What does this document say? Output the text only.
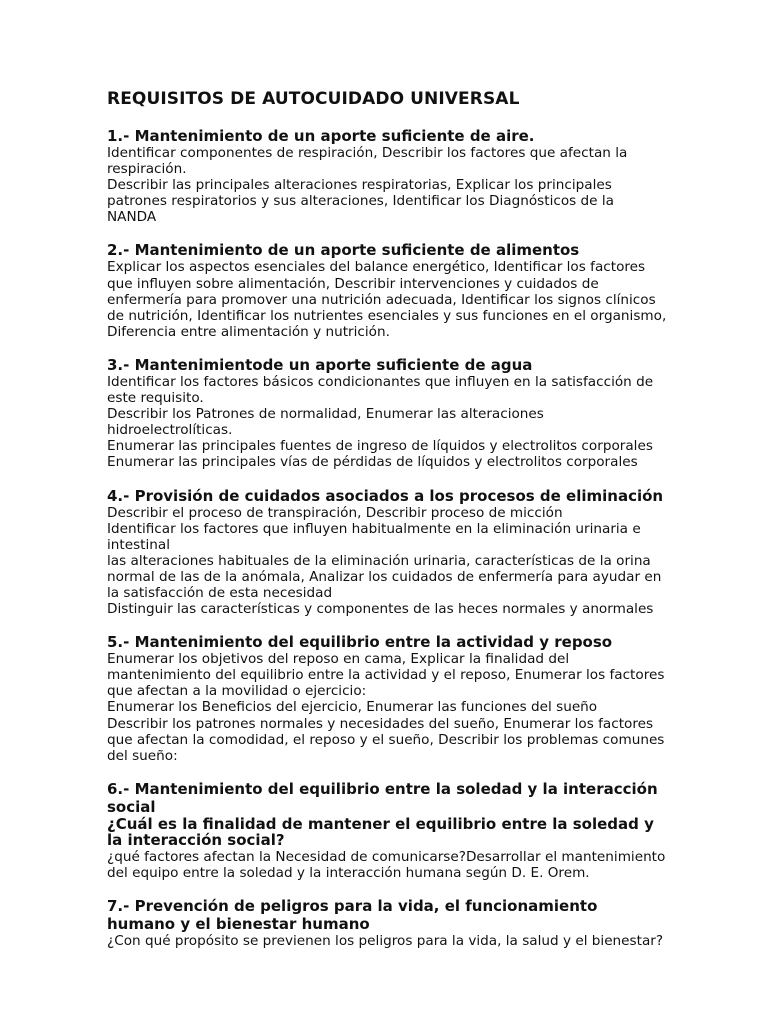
REQUISITOS DE AUTOCUIDADO UNIVERSAL
1.- Mantenimiento de un aporte suficiente de aire.

Identificar componentes de respiración, Describir los factores que afectan la respiración.

Describir las principales alteraciones respiratorias, Explicar los principales patrones respiratorios y sus alteraciones, Identificar los Diagnósticos de la NANDA

2.- Mantenimiento de un aporte suficiente de alimentos

Explicar los aspectos esenciales del balance energético, Identificar los factores que influyen sobre alimentación, Describir intervenciones y cuidados de enfermería para promover una nutrición adecuada, Identificar los signos clínicos de nutrición, Identificar los nutrientes esenciales y sus funciones en el organismo, Diferencia entre alimentación y nutrición.

3.- Mantenimientode un aporte suficiente de agua

Identificar los factores básicos condicionantes que influyen en la satisfacción de este requisito.

Describir los Patrones de normalidad, Enumerar las alteraciones hidroelectrolíticas.

Enumerar las principales fuentes de ingreso de líquidos y electrolitos corporales

Enumerar las principales vías de pérdidas de líquidos y electrolitos corporales

4.- Provisión de cuidados asociados a los procesos de eliminación

Describir el proceso de transpiración, Describir proceso de micción

Identificar los factores que influyen habitualmente en la eliminación urinaria e intestinal

las alteraciones habituales de la eliminación urinaria, características de la orina normal de las de la anómala, Analizar los cuidados de enfermería para ayudar en la satisfacción de esta necesidad

Distinguir las características y componentes de las heces normales y anormales

5.- Mantenimiento del equilibrio entre la actividad y reposo

Enumerar los objetivos del reposo en cama, Explicar la finalidad del mantenimiento del equilibrio entre la actividad y el reposo, Enumerar los factores que afectan a la movilidad o ejercicio:

Enumerar los Beneficios del ejercicio, Enumerar las funciones del sueño

Describir los patrones normales y necesidades del sueño, Enumerar los factores que afectan la comodidad, el reposo y el sueño, Describir los problemas comunes del sueño:

6.- Mantenimiento del equilibrio entre la soledad y la interacción social
¿Cuál es la finalidad de mantener el equilibrio entre la soledad y la interacción social?

¿qué factores afectan la Necesidad de comunicarse?Desarrollar el mantenimiento del equipo entre la soledad y la interacción humana según D. E. Orem.

7.- Prevención de peligros para la vida, el funcionamiento humano y el bienestar humano

¿Con qué propósito se previenen los peligros para la vida, la salud y el bienestar?
